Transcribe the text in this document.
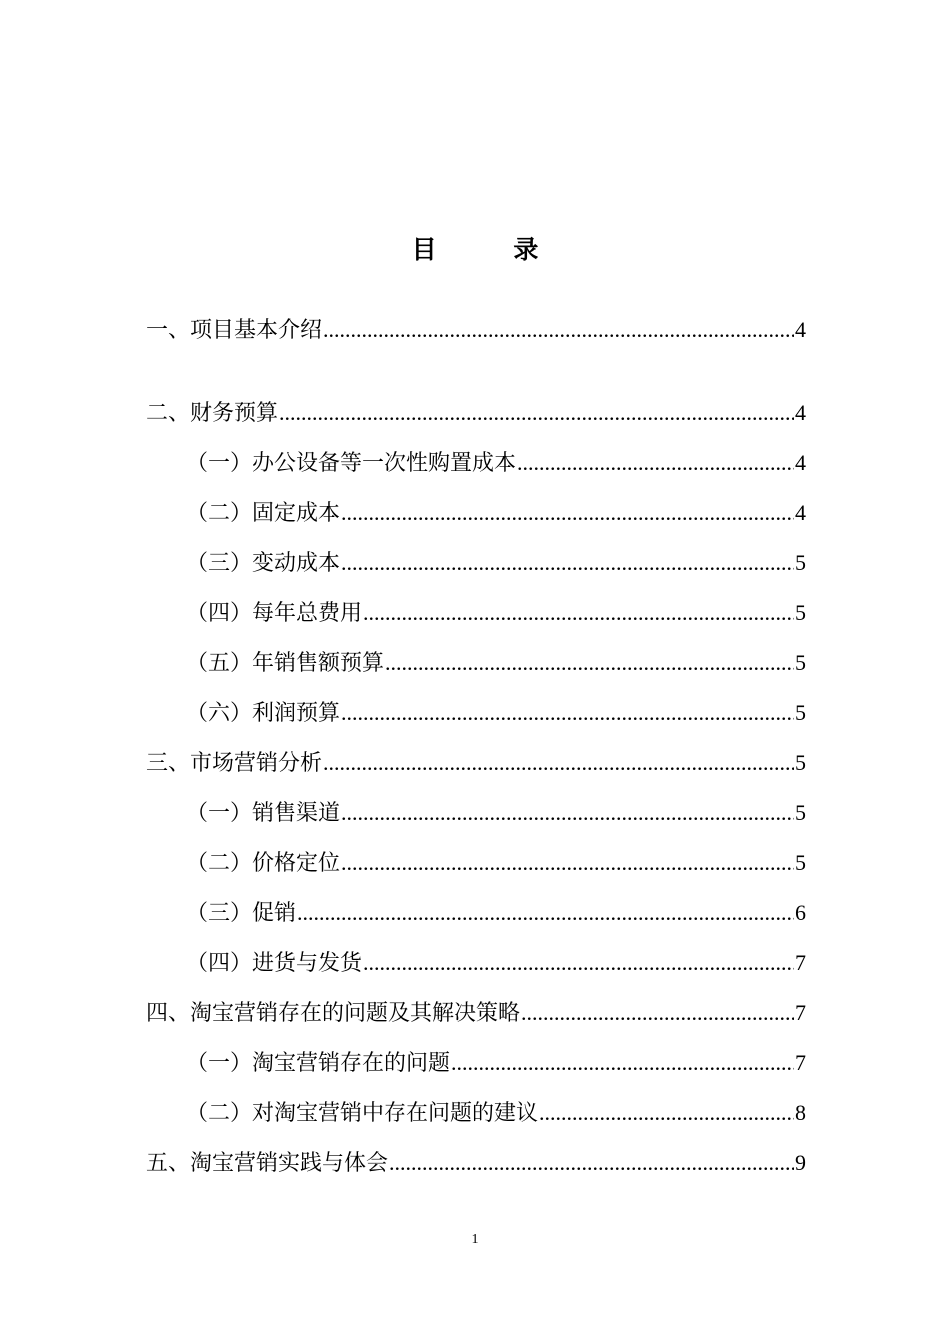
目 录
一、项目基本介绍 .....	4
二、财务预算 .....	4
（一）办公设备等一次性购置成本 .....	4
（二）固定成本 .....	4
（三）变动成本 .....	5
（四）每年总费用 .....	5
（五）年销售额预算 .....	5
（六）利润预算 .....	5
三、市场营销分析 .....	5
（一）销售渠道 .....	5
（二）价格定位 .....	5
（三）促销 .....	6
（四）进货与发货 .....	7
四、淘宝营销存在的问题及其解决策略 .....	7
（一）淘宝营销存在的问题 .....	7
（二）对淘宝营销中存在问题的建议 .....	8
五、淘宝营销实践与体会 .....	9
1
